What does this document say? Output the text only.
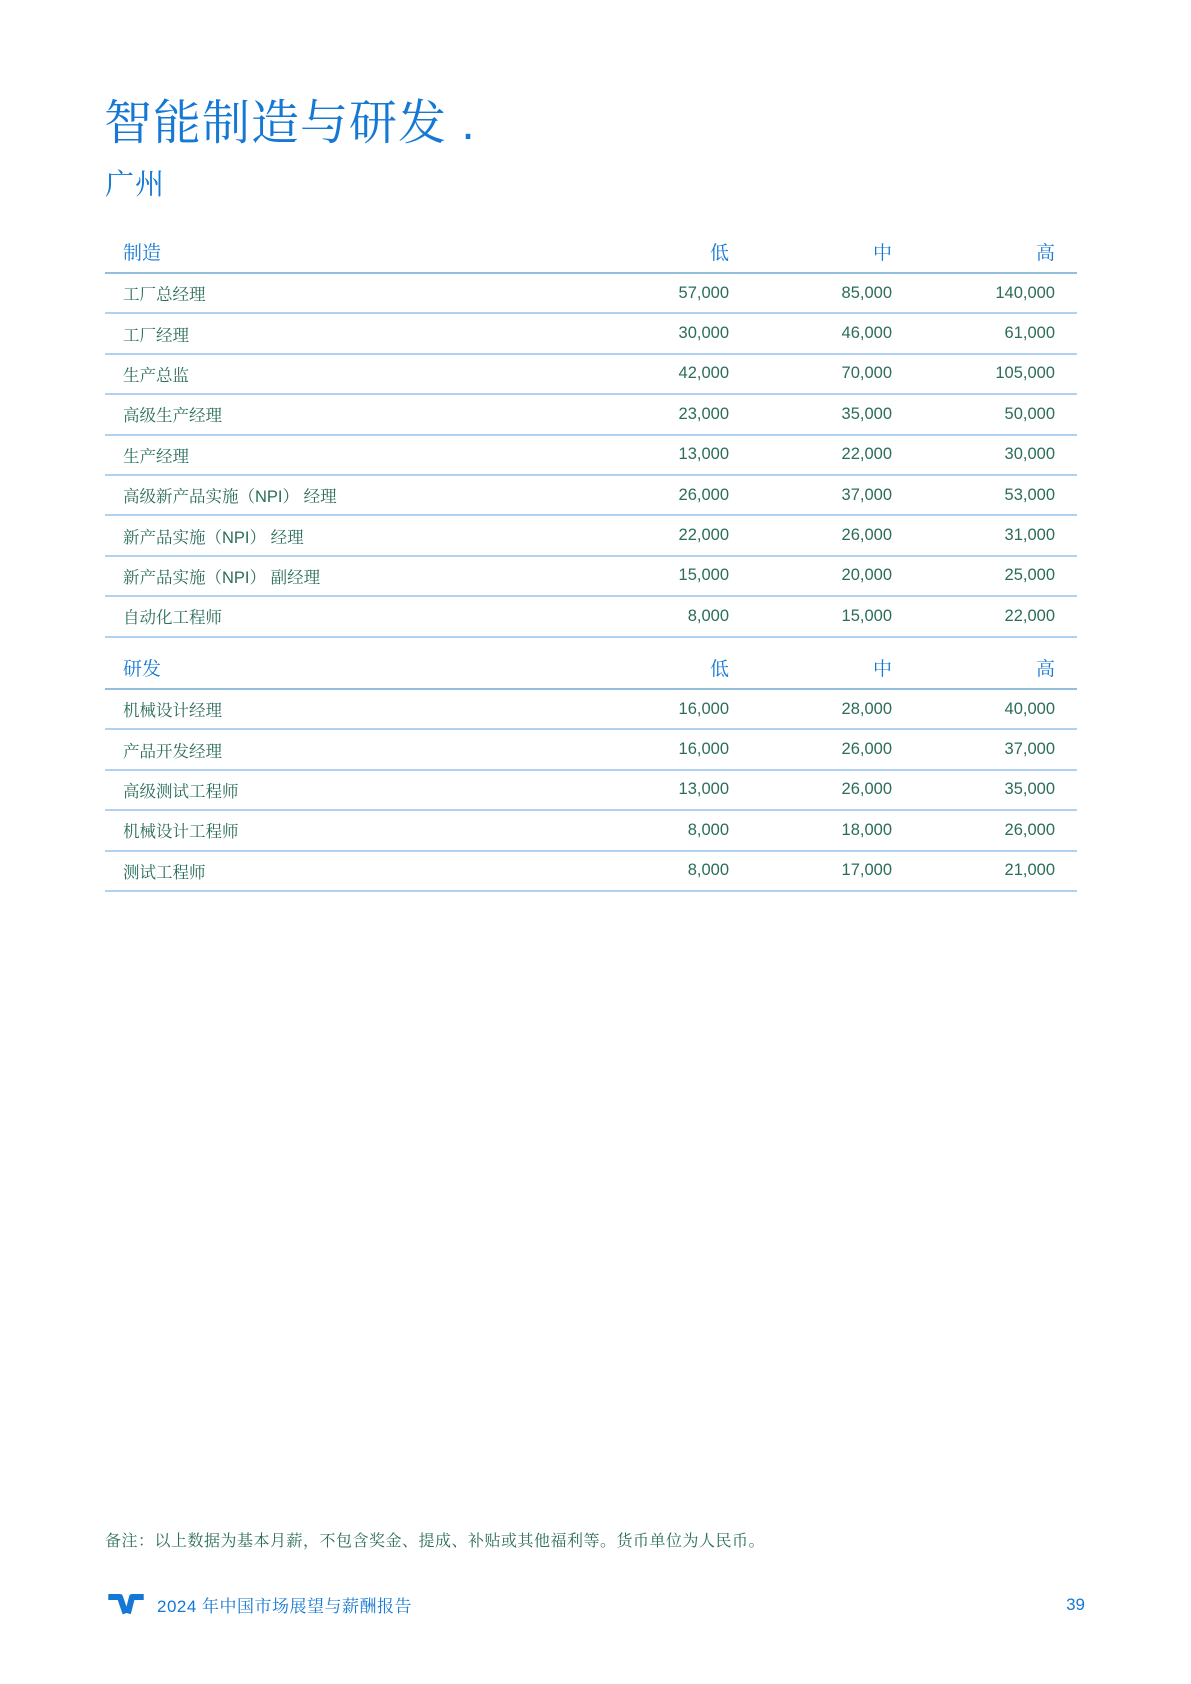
智能制造与研发 .
广州
制造	低	中	高
工厂总经理	57,000	85,000	140,000
工厂经理	30,000	46,000	61,000
生产总监	42,000	70,000	105,000
高级生产经理	23,000	35,000	50,000
生产经理	13,000	22,000	30,000
高级新产品实施（NPI） 经理	26,000	37,000	53,000
新产品实施（NPI） 经理	22,000	26,000	31,000
新产品实施（NPI） 副经理	15,000	20,000	25,000
自动化工程师	8,000	15,000	22,000
研发	低	中	高
机械设计经理	16,000	28,000	40,000
产品开发经理	16,000	26,000	37,000
高级测试工程师	13,000	26,000	35,000
机械设计工程师	8,000	18,000	26,000
测试工程师	8,000	17,000	21,000
备注：以上数据为基本月薪，不包含奖金、提成、补贴或其他福利等。货币单位为人民币。
2024 年中国市场展望与薪酬报告	39
